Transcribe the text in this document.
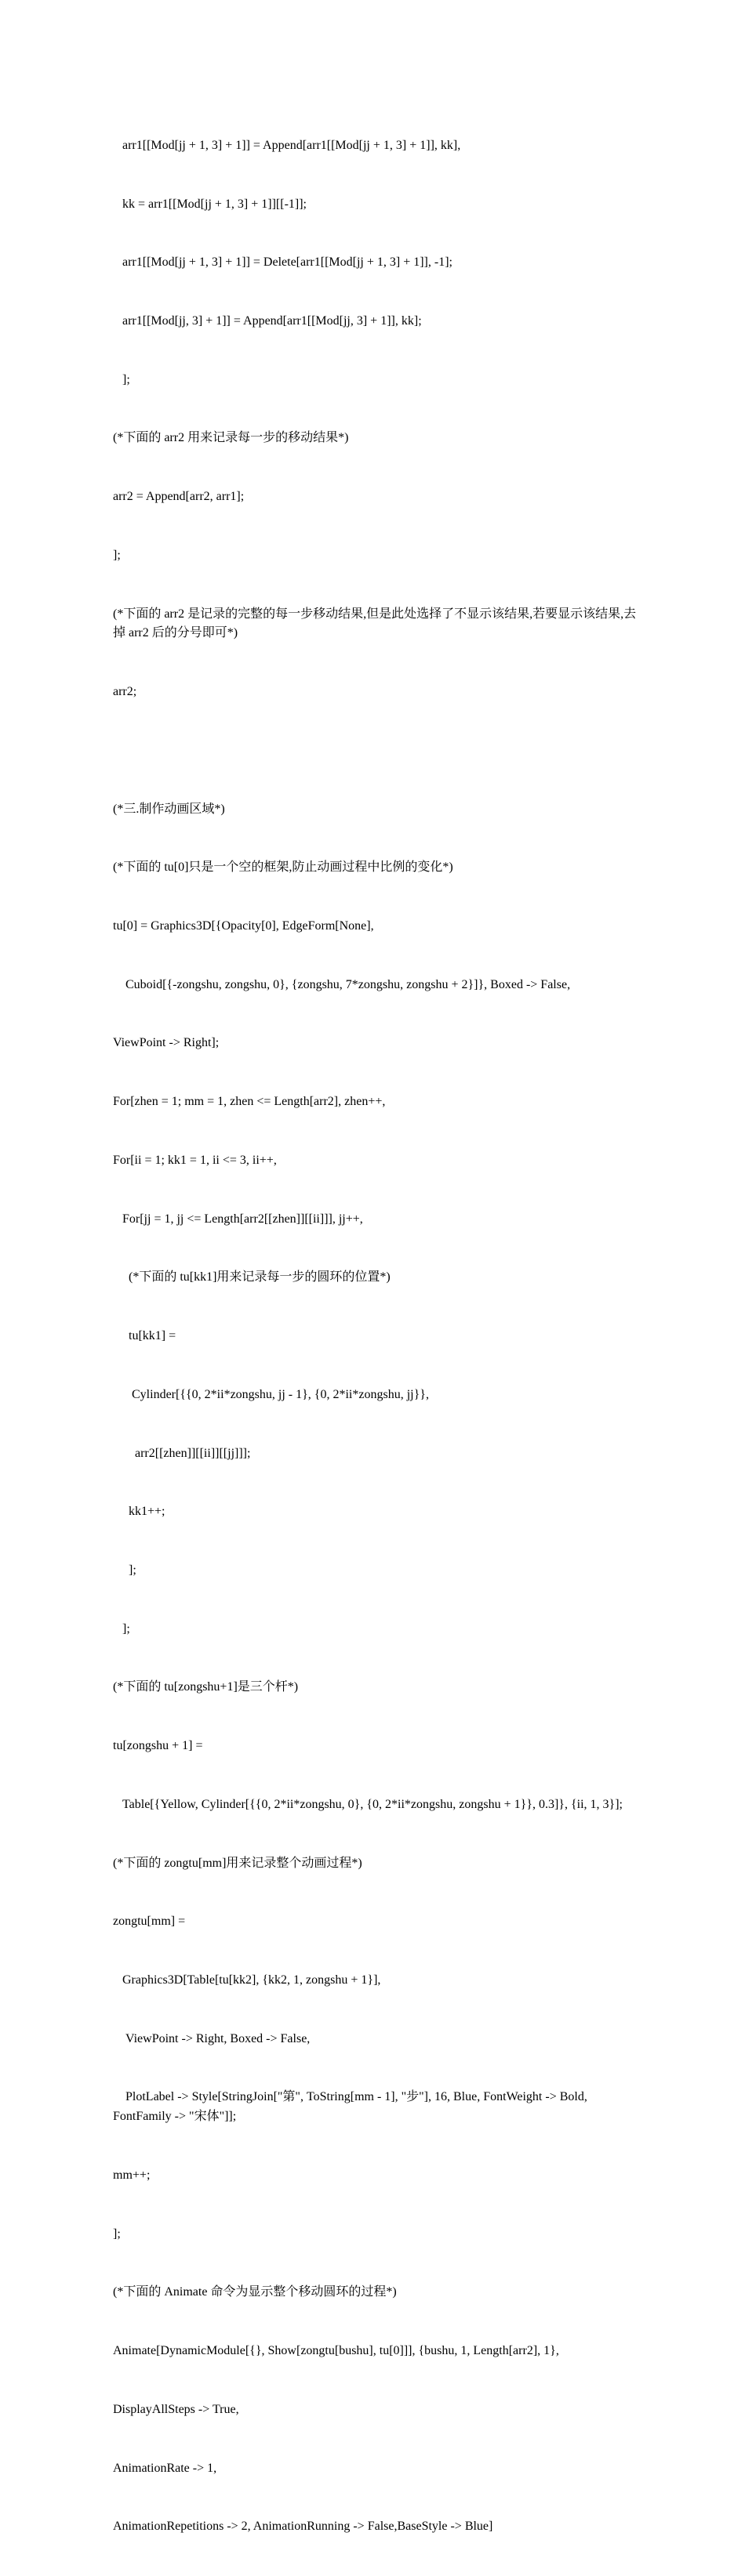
arr1[[Mod[jj + 1, 3] + 1]] = Append[arr1[[Mod[jj + 1, 3] + 1]], kk],

kk = arr1[[Mod[jj + 1, 3] + 1]][[-1]];

arr1[[Mod[jj + 1, 3] + 1]] = Delete[arr1[[Mod[jj + 1, 3] + 1]], -1];

arr1[[Mod[jj, 3] + 1]] = Append[arr1[[Mod[jj, 3] + 1]], kk];

];

(*下面的 arr2 用来记录每一步的移动结果*)

arr2 = Append[arr2, arr1];

];

(*下面的 arr2 是记录的完整的每一步移动结果,但是此处选择了不显示该结果,若要显示该结果,去掉 arr2 后的分号即可*)

arr2;

(*三.制作动画区域*)

(*下面的 tu[0]只是一个空的框架,防止动画过程中比例的变化*)

tu[0] = Graphics3D[{Opacity[0], EdgeForm[None],

Cuboid[{-zongshu, zongshu, 0}, {zongshu, 7*zongshu, zongshu + 2}]}, Boxed -> False,

ViewPoint -> Right];

For[zhen = 1; mm = 1, zhen <= Length[arr2], zhen++,

For[ii = 1; kk1 = 1, ii <= 3, ii++,

For[jj = 1, jj <= Length[arr2[[zhen]][[ii]]], jj++,

(*下面的 tu[kk1]用来记录每一步的圆环的位置*)

tu[kk1] =

Cylinder[{{0, 2*ii*zongshu, jj - 1}, {0, 2*ii*zongshu, jj}},

arr2[[zhen]][[ii]][[jj]]];

kk1++;

];

];

(*下面的 tu[zongshu+1]是三个杆*)

tu[zongshu + 1] =

Table[{Yellow, Cylinder[{{0, 2*ii*zongshu, 0}, {0, 2*ii*zongshu, zongshu + 1}}, 0.3]}, {ii, 1, 3}];

(*下面的 zongtu[mm]用来记录整个动画过程*)

zongtu[mm] =

Graphics3D[Table[tu[kk2], {kk2, 1, zongshu + 1}],

ViewPoint -> Right, Boxed -> False,

PlotLabel -> Style[StringJoin["第", ToString[mm - 1], "步"], 16, Blue, FontWeight -> Bold, FontFamily -> "宋体"]];

mm++;

];

(*下面的 Animate 命令为显示整个移动圆环的过程*)

Animate[DynamicModule[{}, Show[zongtu[bushu], tu[0]]], {bushu, 1, Length[arr2], 1},

DisplayAllSteps -> True,

AnimationRate -> 1,

AnimationRepetitions -> 2, AnimationRunning -> False,BaseStyle -> Blue]
